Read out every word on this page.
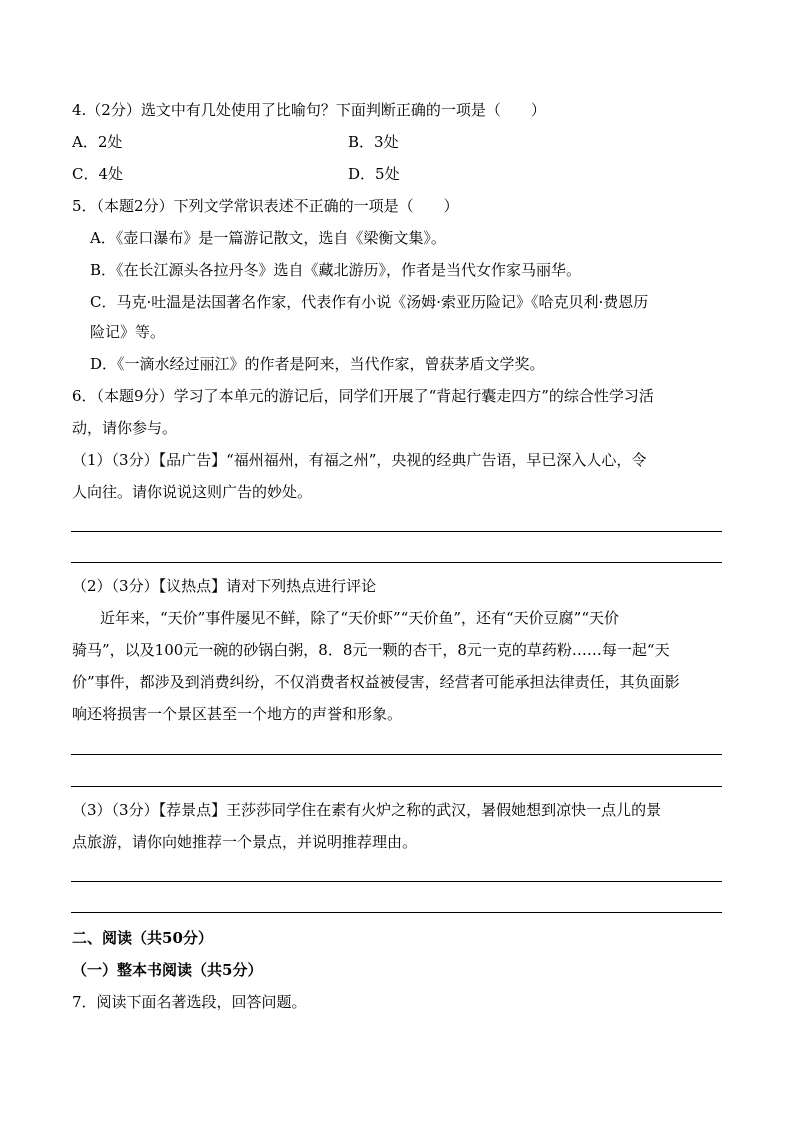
4.（2分）选文中有几处使用了比喻句？下面判断正确的一项是（　　）
A．2处	B．3处
C．4处	D．5处
5．（本题2分）下列文学常识表述不正确的一项是（　　）
A．《壶口瀑布》是一篇游记散文，选自《梁衡文集》。
B．《在长江源头各拉丹冬》选自《藏北游历》，作者是当代女作家马丽华。
C．马克·吐温是法国著名作家，代表作有小说《汤姆·索亚历险记》《哈克贝利·费恩历
险记》等。
D．《一滴水经过丽江》的作者是阿来，当代作家，曾获茅盾文学奖。
6．（本题9分）学习了本单元的游记后，同学们开展了“背起行囊走四方”的综合性学习活
动，请你参与。
（1）（3分）【品广告】“福州福州，有福之州”，央视的经典广告语，早已深入人心，令
人向往。请你说说这则广告的妙处。
（2）（3分）【议热点】请对下列热点进行评论
近年来，“天价”事件屡见不鲜，除了“天价虾”“天价鱼”，还有“天价豆腐”“天价
骑马”，以及100元一碗的砂锅白粥，8．8元一颗的杏干，8元一克的草药粉……每一起“天
价”事件，都涉及到消费纠纷，不仅消费者权益被侵害，经营者可能承担法律责任，其负面影
响还将损害一个景区甚至一个地方的声誉和形象。
（3）（3分）【荐景点】王莎莎同学住在素有火炉之称的武汉，暑假她想到凉快一点儿的景
点旅游，请你向她推荐一个景点，并说明推荐理由。
二、阅读（共50分）
（一）整本书阅读（共5分）
7．阅读下面名著选段，回答问题。
